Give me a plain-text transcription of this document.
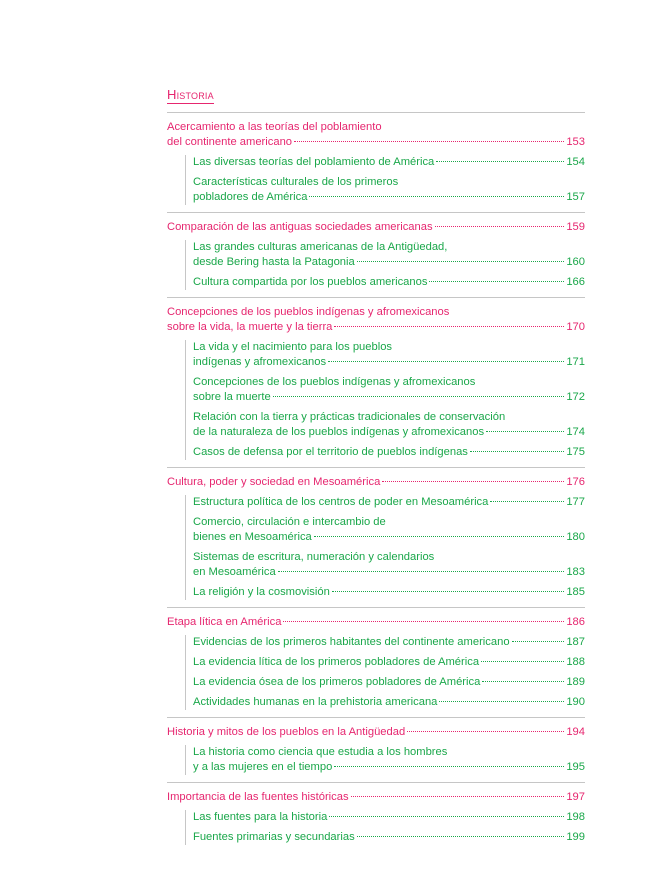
Historia
Acercamiento a las teorías del poblamiento
del continente americano	153
Las diversas teorías del poblamiento de América	154
Características culturales de los primeros
pobladores de América	157
Comparación de las antiguas sociedades americanas	159
Las grandes culturas americanas de la Antigüedad,
desde Bering hasta la Patagonia	160
Cultura compartida por los pueblos americanos	166
Concepciones de los pueblos indígenas y afromexicanos
sobre la vida, la muerte y la tierra	170
La vida y el nacimiento para los pueblos
indígenas y afromexicanos	171
Concepciones de los pueblos indígenas y afromexicanos
sobre la muerte	172
Relación con la tierra y prácticas tradicionales de conservación
de la naturaleza de los pueblos indígenas y afromexicanos	174
Casos de defensa por el territorio de pueblos indígenas	175
Cultura, poder y sociedad en Mesoamérica	176
Estructura política de los centros de poder en Mesoamérica	177
Comercio, circulación e intercambio de
bienes en Mesoamérica	180
Sistemas de escritura, numeración y calendarios
en Mesoamérica	183
La religión y la cosmovisión	185
Etapa lítica en América	186
Evidencias de los primeros habitantes del continente americano	187
La evidencia lítica de los primeros pobladores de América	188
La evidencia ósea de los primeros pobladores de América	189
Actividades humanas en la prehistoria americana	190
Historia y mitos de los pueblos en la Antigüedad	194
La historia como ciencia que estudia a los hombres
y a las mujeres en el tiempo	195
Importancia de las fuentes históricas	197
Las fuentes para la historia	198
Fuentes primarias y secundarias	199
